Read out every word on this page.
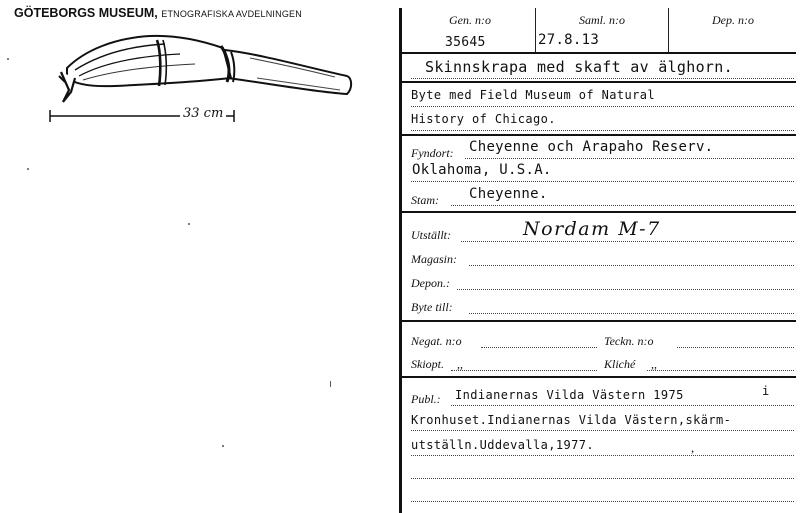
GÖTEBORGS MUSEUM, ETNOGRAFISKA AVDELNINGEN
33 cm
Gen. n:o	Saml. n:o	Dep. n:o
35645	27.8.13
Skinnskrapa med skaft av älghorn.
Byte med Field Museum of Natural
History of Chicago.
Fyndort: Cheyenne och Arapaho Reserv.
Oklahoma, U.S.A.
Stam: Cheyenne.
Utställt:	Nordam M-7
Magasin:
Depon.:
Byte till:
Negat. n:o	Teckn. n:o
Skiopt. ,,	Kliché ,,
Publ.: Indianernas Vilda Västern 1975	i
Kronhuset.Indianernas Vilda Västern,skärm-
utställn.Uddevalla,1977.	,
